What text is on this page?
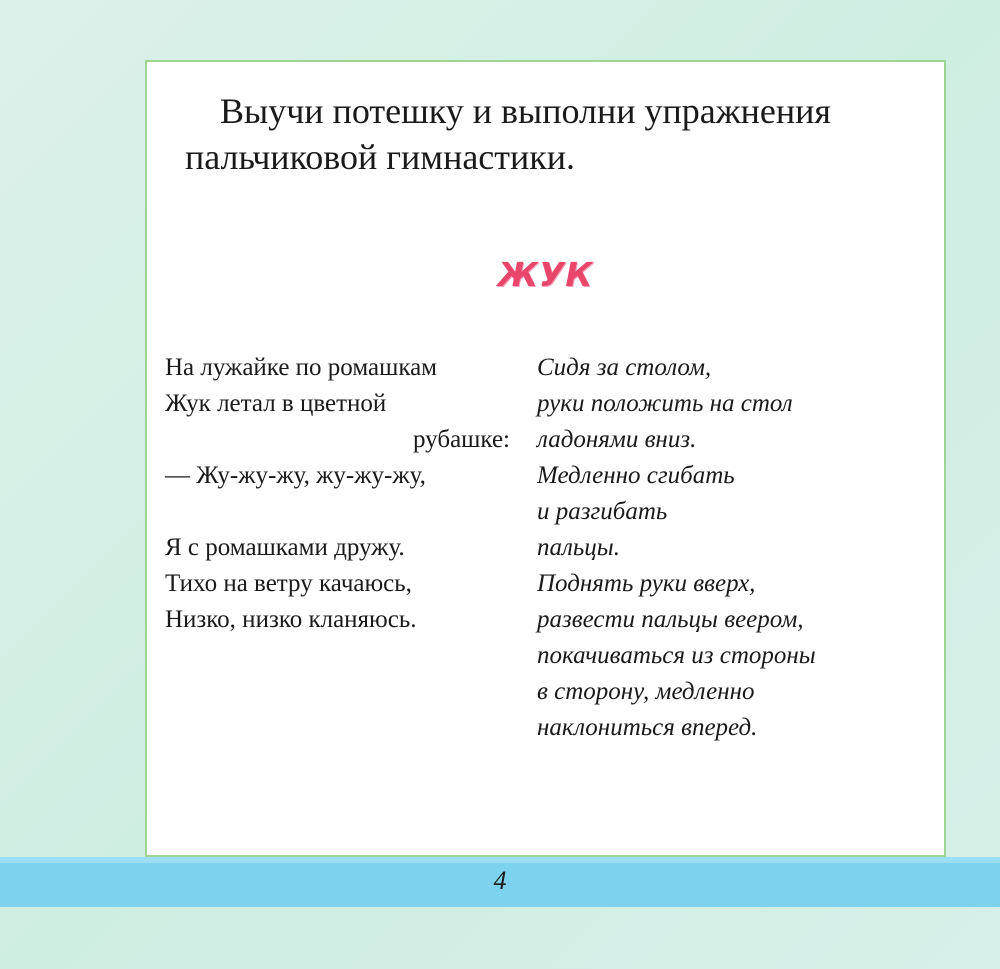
Выучи потешку и выполни упражнения пальчиковой гимнастики.

ЖУК
На лужайке по ромашкам
Жук летал в цветной
рубашке:
— Жу-жу-жу, жу-жу-жу,
Я с ромашками дружу.
Тихо на ветру качаюсь,
Низко, низко кланяюсь.
Сидя за столом,
руки положить на стол
ладонями вниз.
Медленно сгибать
и разгибать
пальцы.
Поднять руки вверх,
развести пальцы веером,
покачиваться из стороны
в сторону, медленно
наклониться вперед.
4
